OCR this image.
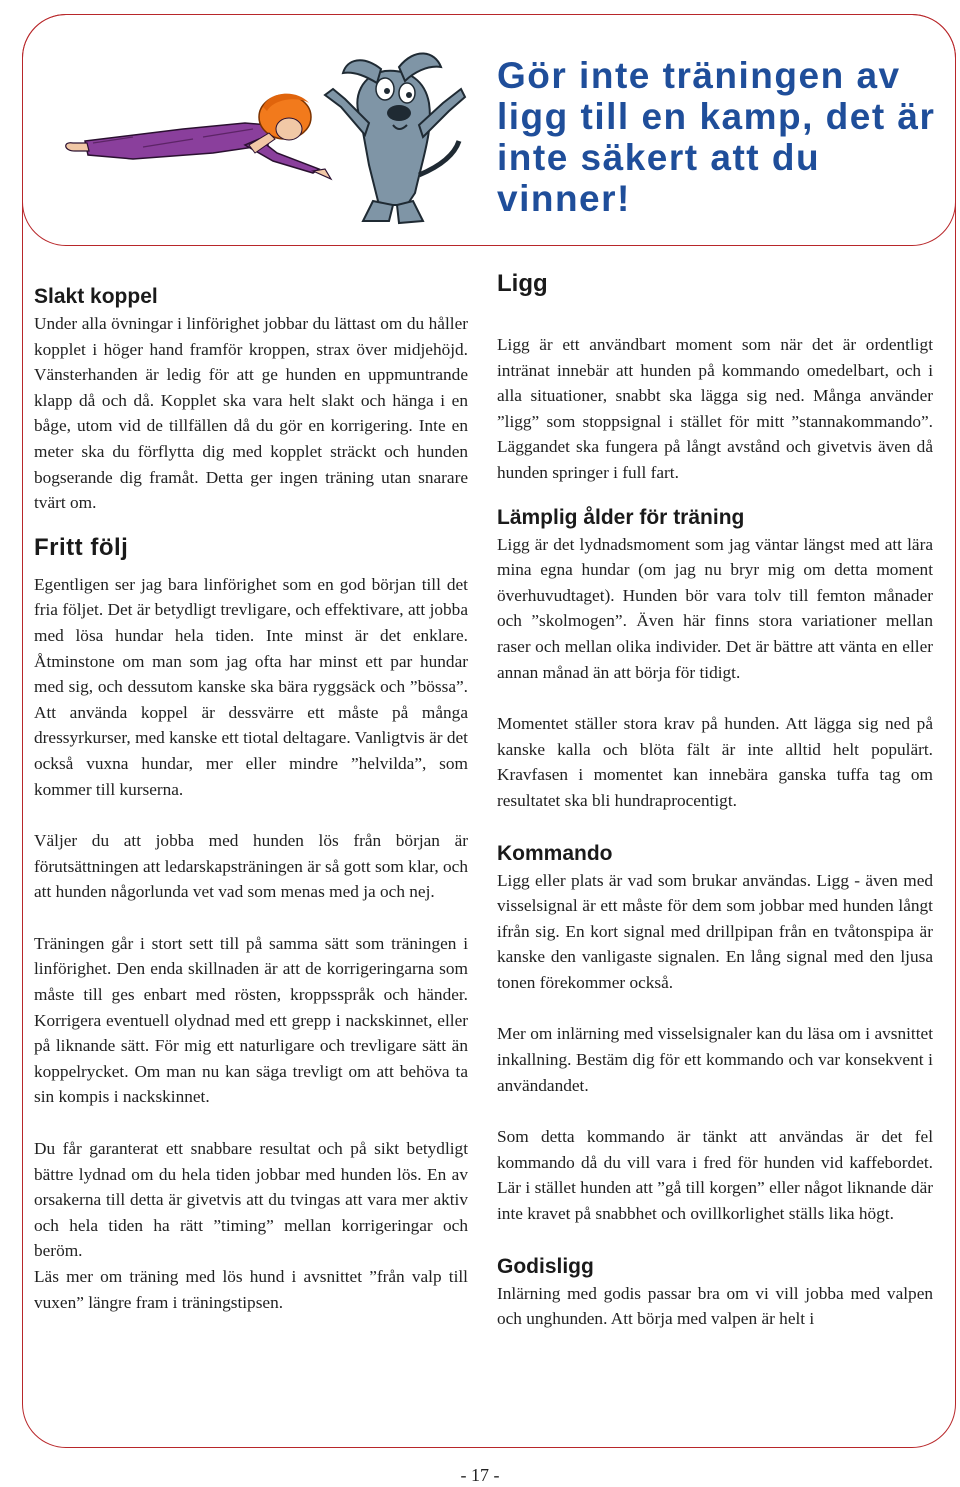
Gör inte träningen av ligg till en kamp, det är inte säkert att du vinner!
Slakt koppel

Under alla övningar i linförighet jobbar du lättast om du håller kopplet i höger hand framför kroppen, strax över midjehöjd. Vänsterhanden är ledig för att ge hunden en uppmuntrande klapp då och då. Kopplet ska vara helt slakt och hänga i en båge, utom vid de tillfällen då du gör en korrigering. Inte en meter ska du förflytta dig med kopplet sträckt och hunden bogserande dig framåt. Detta ger ingen träning utan snarare tvärt om.

Fritt följ

Egentligen ser jag bara linförighet som en god början till det fria följet. Det är betydligt trevligare, och effektivare, att jobba med lösa hundar hela tiden. Inte minst är det enklare. Åtminstone om man som jag ofta har minst ett par hundar med sig, och dessutom kanske ska bära ryggsäck och ”bössa”. Att använda koppel är dessvärre ett måste på många dressyrkurser, med kanske ett tiotal deltagare. Vanligtvis är det också vuxna hundar, mer eller mindre ”helvilda”, som kommer till kurserna.

Väljer du att jobba med hunden lös från början är förutsättningen att ledarskapsträningen är så gott som klar, och att hunden någorlunda vet vad som menas med ja och nej.

Träningen går i stort sett till på samma sätt som träningen i linförighet. Den enda skillnaden är att de korrigeringarna som måste till ges enbart med rösten, kroppsspråk och händer. Korrigera eventuell olydnad med ett grepp i nackskinnet, eller på liknande sätt. För mig ett naturligare och trevligare sätt än koppelrycket. Om man nu kan säga trevligt om att behöva ta sin kompis i nackskinnet.

Du får garanterat ett snabbare resultat och på sikt betydligt bättre lydnad om du hela tiden jobbar med hunden lös. En av orsakerna till detta är givetvis att du tvingas att vara mer aktiv och hela tiden ha rätt ”timing” mellan korrigeringar och beröm.

Läs mer om träning med lös hund i avsnittet ”från valp till vuxen” längre fram i träningstipsen.

Ligg

Ligg är ett användbart moment som när det är ordentligt intränat innebär att hunden på kommando omedelbart, och i alla situationer, snabbt ska lägga sig ned. Många använder ”ligg” som stoppsignal i stället för mitt ”stannakommando”. Läggandet ska fungera på långt avstånd och givetvis även då hunden springer i full fart.

Lämplig ålder för träning

Ligg är det lydnadsmoment som jag väntar längst med att lära mina egna hundar (om jag nu bryr mig om detta moment överhuvudtaget). Hunden bör vara tolv till femton månader och ”skolmogen”. Även här finns stora variationer mellan raser och mellan olika individer. Det är bättre att vänta en eller annan månad än att börja för tidigt.

Momentet ställer stora krav på hunden. Att lägga sig ned på kanske kalla och blöta fält är inte alltid helt populärt. Kravfasen i momentet kan innebära ganska tuffa tag om resultatet ska bli hundraprocentigt.

Kommando

Ligg eller plats är vad som brukar användas. Ligg - även med visselsignal är ett måste för dem som jobbar med hunden långt ifrån sig. En kort signal med drillpipan från en tvåtonspipa är kanske den vanligaste signalen. En lång signal med den ljusa tonen förekommer också.

Mer om inlärning med visselsignaler kan du läsa om i avsnittet inkallning. Bestäm dig för ett kommando och var konsekvent i användandet.

Som detta kommando är tänkt att användas är det fel kommando då du vill vara i fred för hunden vid kaffebordet. Lär i stället hunden att ”gå till korgen” eller något liknande där inte kravet på snabbhet och ovillkorlighet ställs lika högt.

Godisligg

Inlärning med godis passar bra om vi vill jobba med valpen och unghunden. Att börja med valpen är helt i

- 17 -
